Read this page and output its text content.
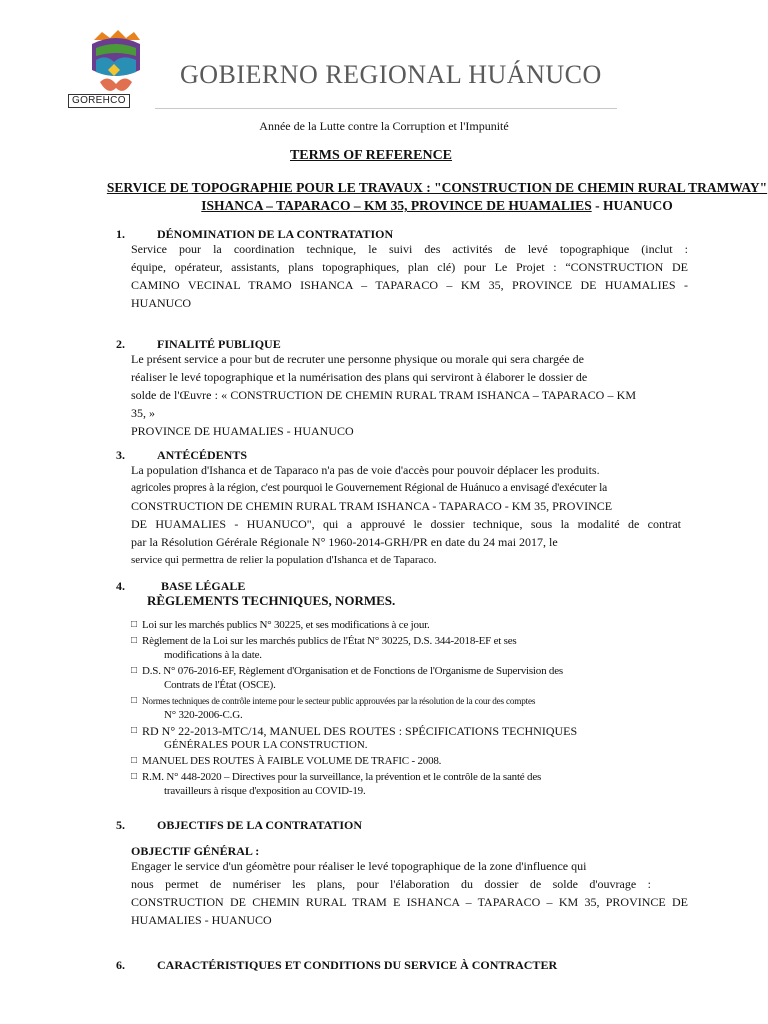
GOREHCO
GOBIERNO REGIONAL HUÁNUCO
Année de la Lutte contre la Corruption et l'Impunité
TERMS OF REFERENCE
SERVICE DE TOPOGRAPHIE POUR LE TRAVAUX : "CONSTRUCTION DE CHEMIN RURAL TRAMWAY"
ISHANCA – TAPARACO – KM 35, PROVINCE DE HUAMALIES - HUANUCO
1.	DÉNOMINATION DE LA CONTRATATION
Service pour la coordination technique, le suivi des activités de levé topographique (inclut :
équipe, opérateur, assistants, plans topographiques, plan clé) pour Le Projet : “CONSTRUCTION DE
CAMINO VECINAL TRAMO ISHANCA – TAPARACO – KM 35, PROVINCE DE HUAMALIES -
HUANUCO
2.	FINALITÉ PUBLIQUE
Le présent service a pour but de recruter une personne physique ou morale qui sera chargée de
réaliser le levé topographique et la numérisation des plans qui serviront à élaborer le dossier de
solde de l'Œuvre : « CONSTRUCTION DE CHEMIN RURAL TRAM ISHANCA – TAPARACO – KM 35, »
PROVINCE DE HUAMALIES - HUANUCO
3.	ANTÉCÉDENTS
La population d'Ishanca et de Taparaco n'a pas de voie d'accès pour pouvoir déplacer les produits.
agricoles propres à la région, c'est pourquoi le Gouvernement Régional de Huánuco a envisagé d'exécuter la
CONSTRUCTION DE CHEMIN RURAL TRAM ISHANCA - TAPARACO - KM 35, PROVINCE
DE HUAMALIES - HUANUCO", qui a approuvé le dossier technique, sous la modalité de contrat
par la Résolution Gérérale Régionale N° 1960-2014-GRH/PR en date du 24 mai 2017, le
service qui permettra de relier la population d'Ishanca et de Taparaco.
4.	BASE LÉGALE
RÈGLEMENTS TECHNIQUES, NORMES.
□ Loi sur les marchés publics N° 30225, et ses modifications à ce jour.
□ Règlement de la Loi sur les marchés publics de l'État N° 30225, D.S. 344-2018-EF et ses
modifications à la date.
□ D.S. N° 076-2016-EF, Règlement d'Organisation et de Fonctions de l'Organisme de Supervision des
Contrats de l'État (OSCE).
□ Normes techniques de contrôle interne pour le secteur public approuvées par la résolution de la cour des comptes
N° 320-2006-C.G.
□ RD N° 22-2013-MTC/14, MANUEL DES ROUTES : SPÉCIFICATIONS TECHNIQUES
GÉNÉRALES POUR LA CONSTRUCTION.
□ MANUEL DES ROUTES À FAIBLE VOLUME DE TRAFIC - 2008.
□ R.M. N° 448-2020 – Directives pour la surveillance, la prévention et le contrôle de la santé des
travailleurs à risque d'exposition au COVID-19.
5.	OBJECTIFS DE LA CONTRATATION
OBJECTIF GÉNÉRAL :
Engager le service d'un géomètre pour réaliser le levé topographique de la zone d'influence qui
nous permet de numériser les plans, pour l'élaboration du dossier de solde d'ouvrage :
CONSTRUCTION DE CHEMIN RURAL TRAM E ISHANCA – TAPARACO – KM 35, PROVINCE DE
HUAMALIES - HUANUCO
6.	CARACTÉRISTIQUES ET CONDITIONS DU SERVICE À CONTRACTER
